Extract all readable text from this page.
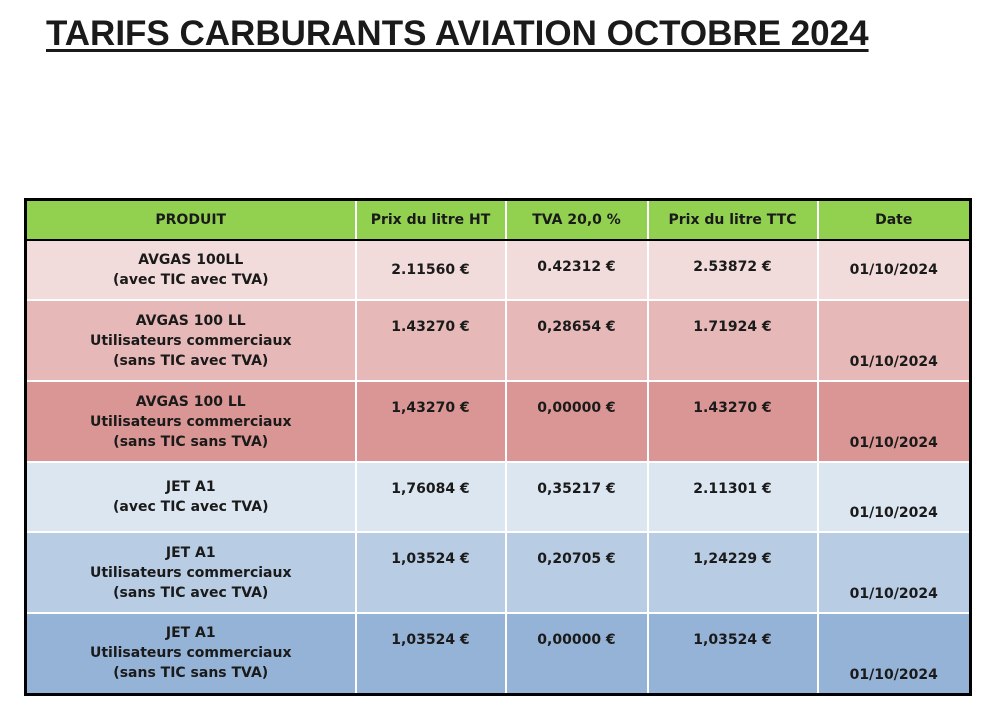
TARIFS CARBURANTS AVIATION OCTOBRE 2024
PRODUIT	Prix du litre HT	TVA 20,0 %	Prix du litre TTC	Date

AVGAS 100LL
(avec TIC avec TVA)	2.11560 €	0.42312 €	2.53872 €	01/10/2024

AVGAS 100 LL
Utilisateurs commerciaux
(sans TIC avec TVA)	1.43270 €	0,28654 €	1.71924 €	01/10/2024

AVGAS 100 LL
Utilisateurs commerciaux
(sans TIC sans TVA)	1,43270 €	0,00000 €	1.43270 €	01/10/2024

JET A1
(avec TIC avec TVA)	1,76084 €	0,35217 €	2.11301 €	01/10/2024

JET A1
Utilisateurs commerciaux
(sans TIC avec TVA)	1,03524 €	0,20705 €	1,24229 €	01/10/2024

JET A1
Utilisateurs commerciaux
(sans TIC sans TVA)	1,03524 €	0,00000 €	1,03524 €	01/10/2024
